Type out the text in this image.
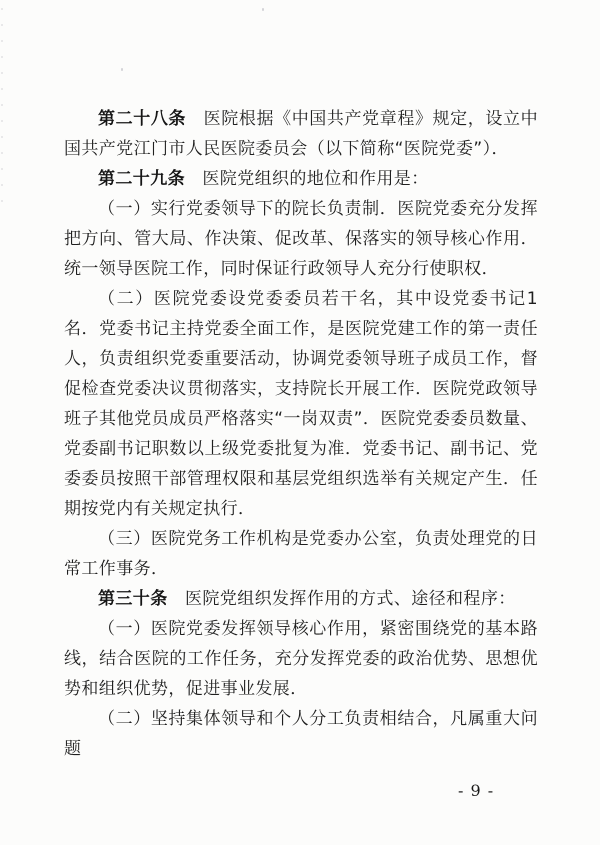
第二十八条　 医院根据《中国共产党章程》规定，设立中国共产党江门市人民医院委员会（以下简称“医院党委”）．

第二十九条　 医院党组织的地位和作用是：

（一）实行党委领导下的院长负责制．医院党委充分发挥把方向、管大局、作决策、促改革、保落实的领导核心作用．统一领导医院工作，同时保证行政领导人充分行使职权．

（二）医院党委设党委委员若干名，其中设党委书记1名．党委书记主持党委全面工作，是医院党建工作的第一责任人，负责组织党委重要活动，协调党委领导班子成员工作，督促检查党委决议贯彻落实，支持院长开展工作．医院党政领导班子其他党员成员严格落实“一岗双责”．医院党委委员数量、党委副书记职数以上级党委批复为准．党委书记、副书记、党委委员按照干部管理权限和基层党组织选举有关规定产生．任期按党内有关规定执行．

（三）医院党务工作机构是党委办公室，负责处理党的日常工作事务．

第三十条　 医院党组织发挥作用的方式、途径和程序：

（一）医院党委发挥领导核心作用，紧密围绕党的基本路线，结合医院的工作任务，充分发挥党委的政治优势、思想优势和组织优势，促进事业发展．

（二）坚持集体领导和个人分工负责相结合，凡属重大问题

- 9 -
